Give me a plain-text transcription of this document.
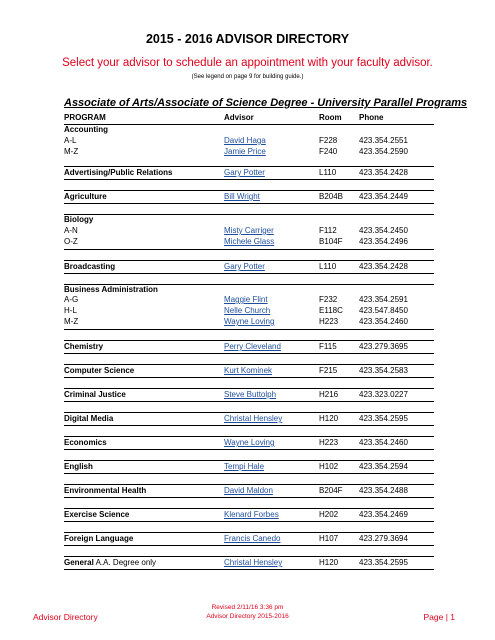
2015 - 2016 ADVISOR DIRECTORY
Select your advisor to schedule an appointment with your faculty advisor.
(See legend on page 9 for building guide.)
Associate of Arts/Associate of Science Degree - University Parallel Programs
PROGRAM	Advisor	Room Phone
Accounting
A-L	David Haga	F228	423.354.2551
M-Z	Jamie Price	F240	423.354.2590
Advertising/Public Relations	Gary Potter	L110	423.354.2428
Agriculture	Bill Wright	B204B 423.354.2449
Biology
A-N	Misty Carriger	F112	423.354.2450
O-Z	Michele Glass	B104F 423.354.2496
Broadcasting	Gary Potter	L110	423.354.2428
Business Administration
A-G	Maggie Flint	F232	423.354.2591
H-L	Nelle Church	E118C 423.547.8450
M-Z	Wayne Loving	H223	423.354.2460
Chemistry	Perry Cleveland	F115	423.279.3695
Computer Science	Kurt Kominek	F215	423.354.2583
Criminal Justice	Steve Buttolph	H216	423.323.0227
Digital Media	Christal Hensley	H120	423.354.2595
Economics	Wayne Loving	H223	423.354.2460
English	Tempi Hale	H102	423.354.2594
Environmental Health	David Maldon	B204F 423.354.2488
Exercise Science	Klenard Forbes	H202	423.354.2469
Foreign Language	Francis Canedo	H107	423.279.3694
General A.A. Degree only	Christal Hensley	H120	423.354.2595
Advisor Directory
Revised 2/11/16 3:36 pm
Advisor Directory 2015-2016	Page | 1
